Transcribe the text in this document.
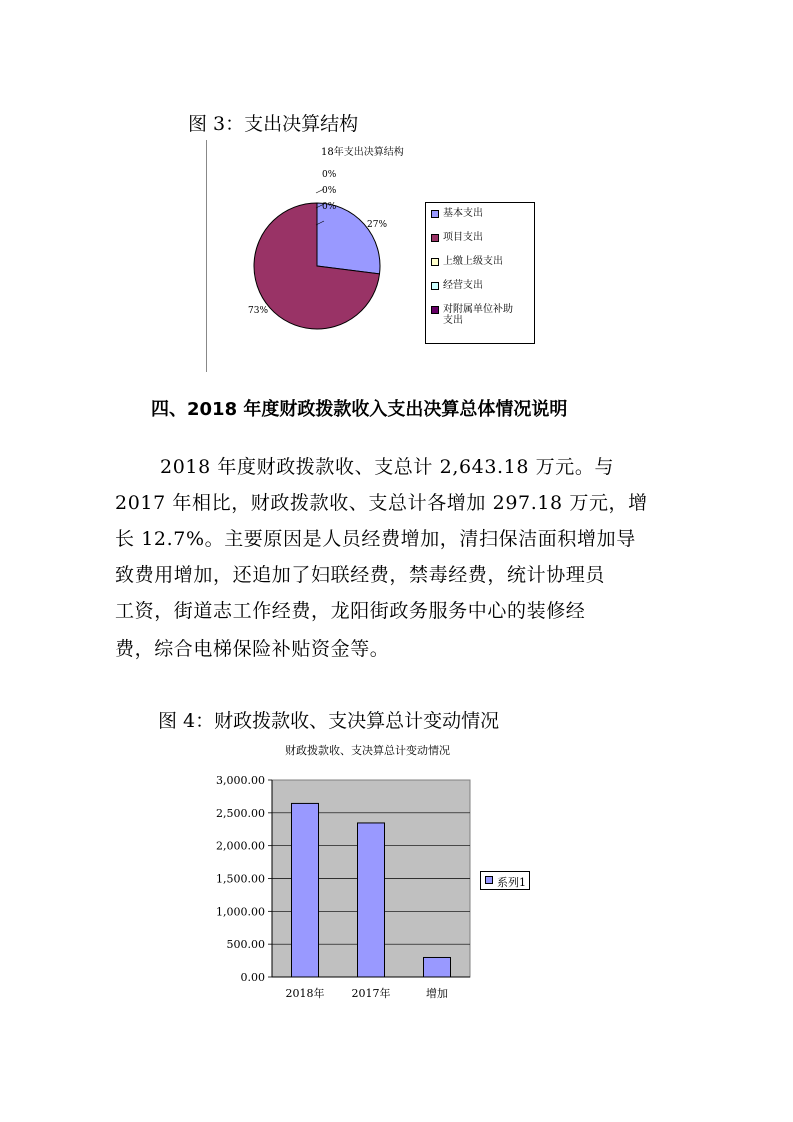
图 3：支出决算结构
18年支出决算结构
27%
73%
0%
0%
0%
基本支出
项目支出
上缴上级支出
经营支出
对附属单位补助
支出
四、2018 年度财政拨款收入支出决算总体情况说明
2018 年度财政拨款收、支总计 2,643.18 万元。与
2017 年相比，财政拨款收、支总计各增加 297.18 万元，增
长 12.7%。主要原因是人员经费增加，清扫保洁面积增加导
致费用增加，还追加了妇联经费，禁毒经费，统计协理员
工资，街道志工作经费，龙阳街政务服务中心的装修经
费，综合电梯保险补贴资金等。
图 4：财政拨款收、支决算总计变动情况
财政拨款收、支决算总计变动情况
0.00
500.00
1,000.00
1,500.00
2,000.00
2,500.00
3,000.00
2018年 2017年	增加
系列1
